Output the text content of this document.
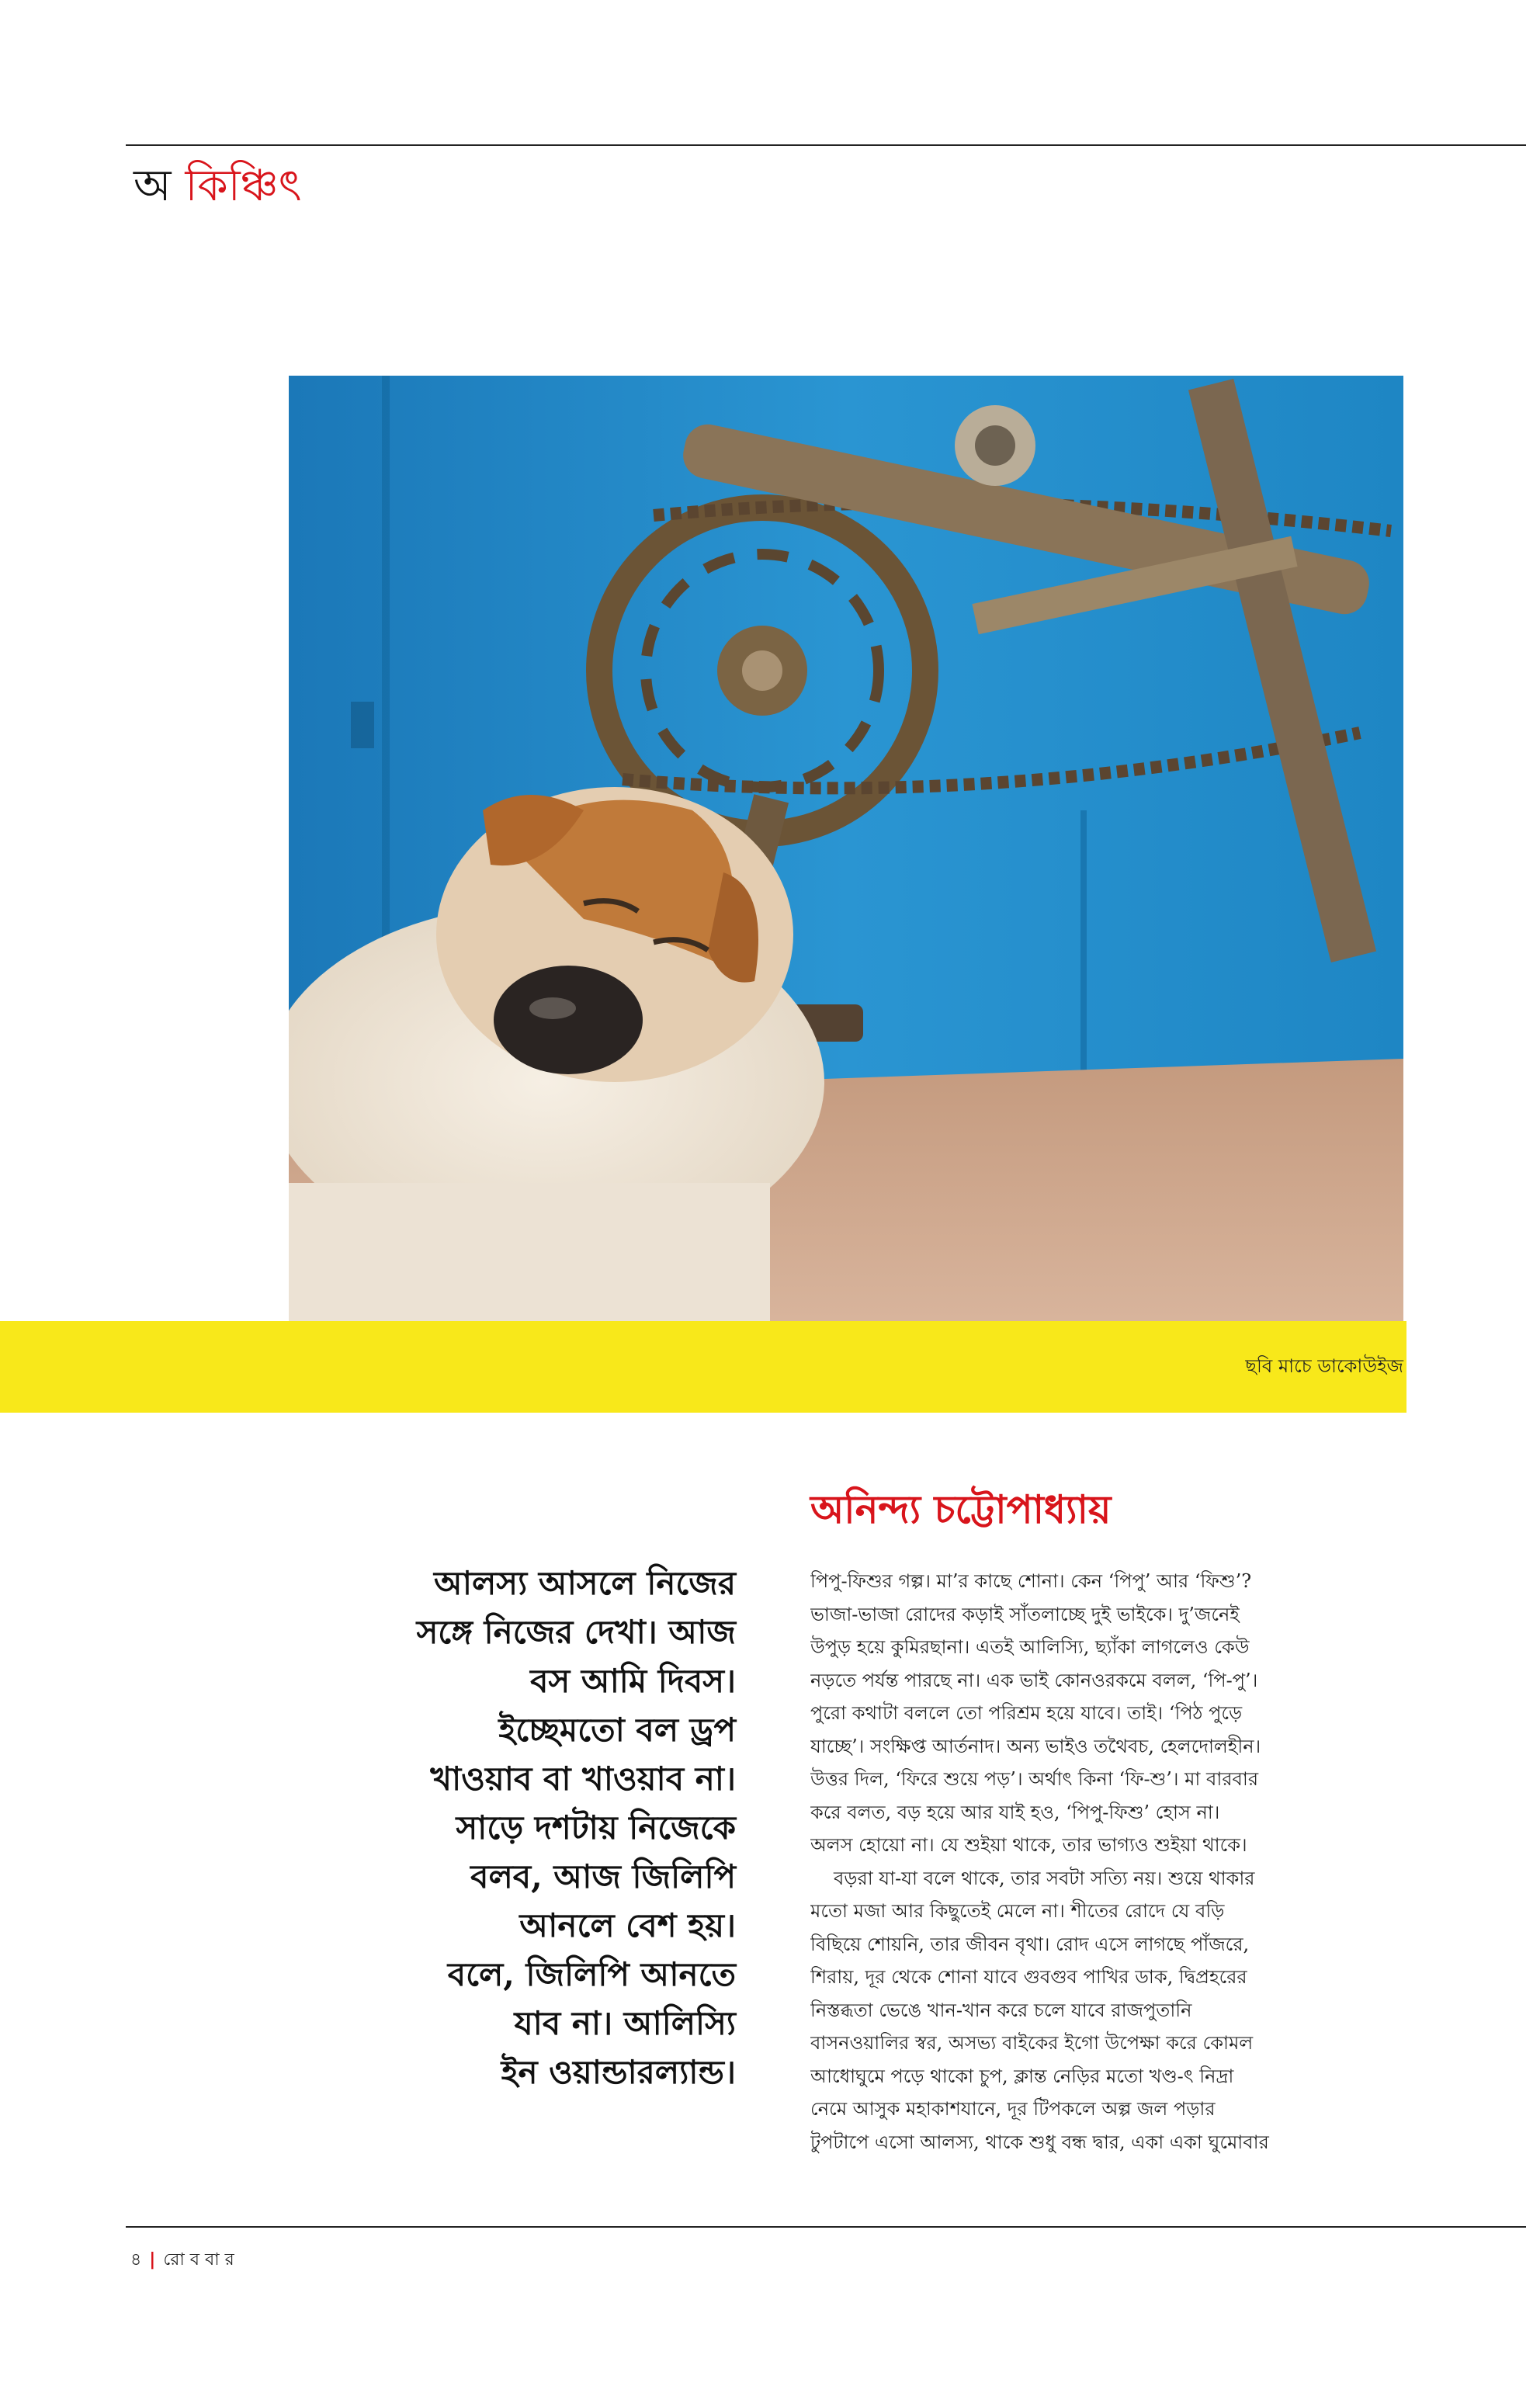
অ কিঞ্চিৎ
ছবি মাচে ডাকোউইজ
অনিন্দ্য চট্টোপাধ্যায়
আলস্য আসলে নিজের
সঙ্গে নিজের দেখা। আজ
বস আমি দিবস।
ইচ্ছেমতো বল ড্রপ
খাওয়াব বা খাওয়াব না।
সাড়ে দশটায় নিজেকে
বলব, আজ জিলিপি
আনলে বেশ হয়।
বলে, জিলিপি আনতে
যাব না। আলিস্যি
ইন ওয়ান্ডারল্যান্ড।
পিপু-ফিশুর গল্প। মা’র কাছে শোনা। কেন ‘পিপু’ আর ‘ফিশু’?
ভাজা-ভাজা রোদের কড়াই সাঁতলাচ্ছে দুই ভাইকে। দু’জনেই
উপুড় হয়ে কুমিরছানা। এতই আলিস্যি, ছ্যাঁকা লাগলেও কেউ
নড়তে পর্যন্ত পারছে না। এক ভাই কোনওরকমে বলল, ‘পি-পু’।
পুরো কথাটা বললে তো পরিশ্রম হয়ে যাবে। তাই। ‘পিঠ পুড়ে
যাচ্ছে’। সংক্ষিপ্ত আর্তনাদ। অন্য ভাইও তথৈবচ, হেলদোলহীন।
উত্তর দিল, ‘ফিরে শুয়ে পড়’। অর্থাৎ কিনা ‘ফি-শু’। মা বারবার
করে বলত, বড় হয়ে আর যাই হও, ‘পিপু-ফিশু’ হোস না।
অলস হোয়ো না। যে শুইয়া থাকে, তার ভাগ্যও শুইয়া থাকে।
বড়রা যা-যা বলে থাকে, তার সবটা সত্যি নয়। শুয়ে থাকার
মতো মজা আর কিছুতেই মেলে না। শীতের রোদে যে বড়ি
বিছিয়ে শোয়নি, তার জীবন বৃথা। রোদ এসে লাগছে পাঁজরে,
শিরায়, দূর থেকে শোনা যাবে গুবগুব পাখির ডাক, দ্বিপ্রহরের
নিস্তব্ধতা ভেঙে খান-খান করে চলে যাবে রাজপুতানি
বাসনওয়ালির স্বর, অসভ্য বাইকের ইগো উপেক্ষা করে কোমল
আধোঘুমে পড়ে থাকো চুপ, ক্লান্ত নেড়ির মতো খণ্ড-ৎ নিদ্রা
নেমে আসুক মহাকাশযানে, দূর টিপকলে অল্প জল পড়ার
টুপটাপে এসো আলস্য, থাকে শুধু বন্ধ দ্বার, একা একা ঘুমোবার
৪ | রো ব বা র
